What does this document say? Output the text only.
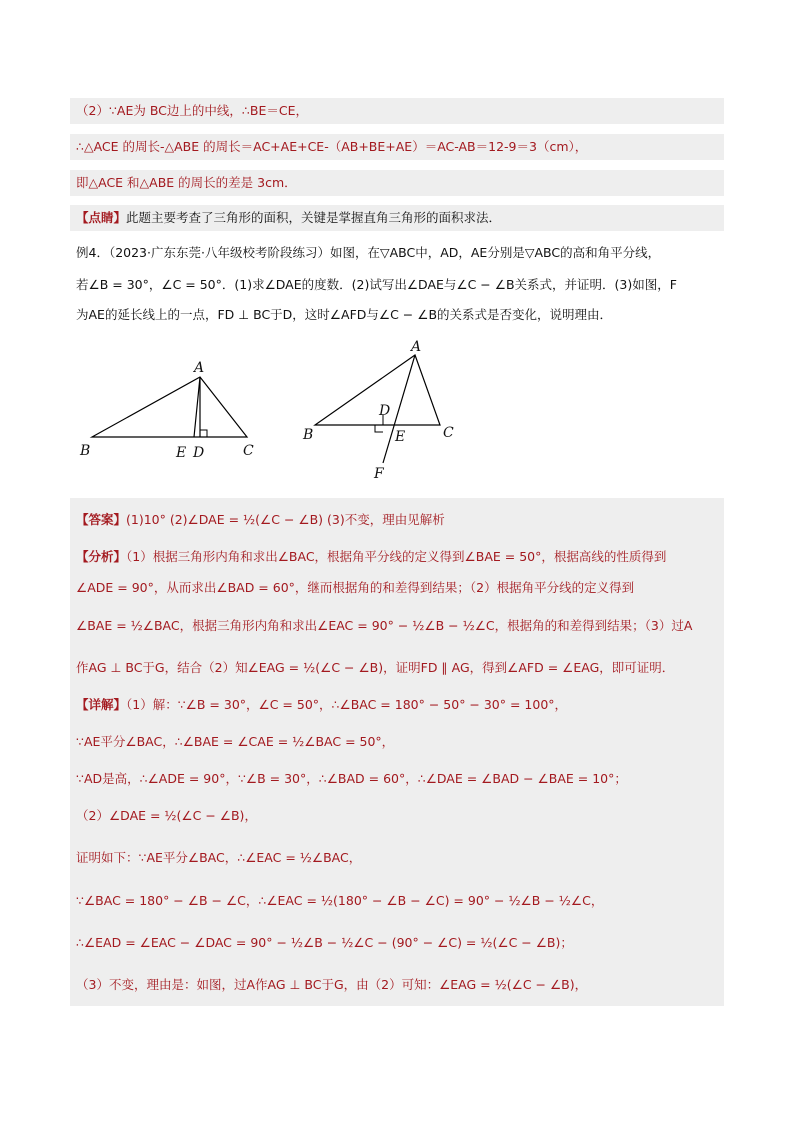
（2）∵AE为 BC边上的中线，∴BE＝CE，
∴△ACE 的周长-△ABE 的周长＝AC+AE+CE-（AB+BE+AE）＝AC-AB＝12-9＝3（cm），
即△ACE 和△ABE 的周长的差是 3cm．
【点睛】此题主要考查了三角形的面积，关键是掌握直角三角形的面积求法．
例4．（2023·广东东莞·八年级校考阶段练习）如图，在▽ABC中，AD，AE分别是▽ABC的高和角平分线，
若∠B = 30°，∠C = 50°．(1)求∠DAE的度数．(2)试写出∠DAE与∠C − ∠B关系式，并证明．(3)如图，F
为AE的延长线上的一点，FD ⊥ BC于D，这时∠AFD与∠C − ∠B的关系式是否变化，说明理由．
A
B	C
E D
A
B	C
D
E
F
【答案】(1)10° (2)∠DAE = ½(∠C − ∠B) (3)不变，理由见解析
【分析】（1）根据三角形内角和求出∠BAC，根据角平分线的定义得到∠BAE = 50°，根据高线的性质得到
∠ADE = 90°，从而求出∠BAD = 60°，继而根据角的和差得到结果；（2）根据角平分线的定义得到
∠BAE = ½∠BAC，根据三角形内角和求出∠EAC = 90° − ½∠B − ½∠C，根据角的和差得到结果；（3）过A
作AG ⊥ BC于G，结合（2）知∠EAG = ½(∠C − ∠B)，证明FD ∥ AG，得到∠AFD = ∠EAG，即可证明．
【详解】（1）解：∵∠B = 30°，∠C = 50°，∴∠BAC = 180° − 50° − 30° = 100°，
∵AE平分∠BAC，∴∠BAE = ∠CAE = ½∠BAC = 50°，
∵AD是高，∴∠ADE = 90°，∵∠B = 30°，∴∠BAD = 60°，∴∠DAE = ∠BAD − ∠BAE = 10°；
（2）∠DAE = ½(∠C − ∠B)，
证明如下：∵AE平分∠BAC，∴∠EAC = ½∠BAC，
∵∠BAC = 180° − ∠B − ∠C，∴∠EAC = ½(180° − ∠B − ∠C) = 90° − ½∠B − ½∠C，
∴∠EAD = ∠EAC − ∠DAC = 90° − ½∠B − ½∠C − (90° − ∠C) = ½(∠C − ∠B)；
（3）不变，理由是：如图，过A作AG ⊥ BC于G，由（2）可知：∠EAG = ½(∠C − ∠B)，
